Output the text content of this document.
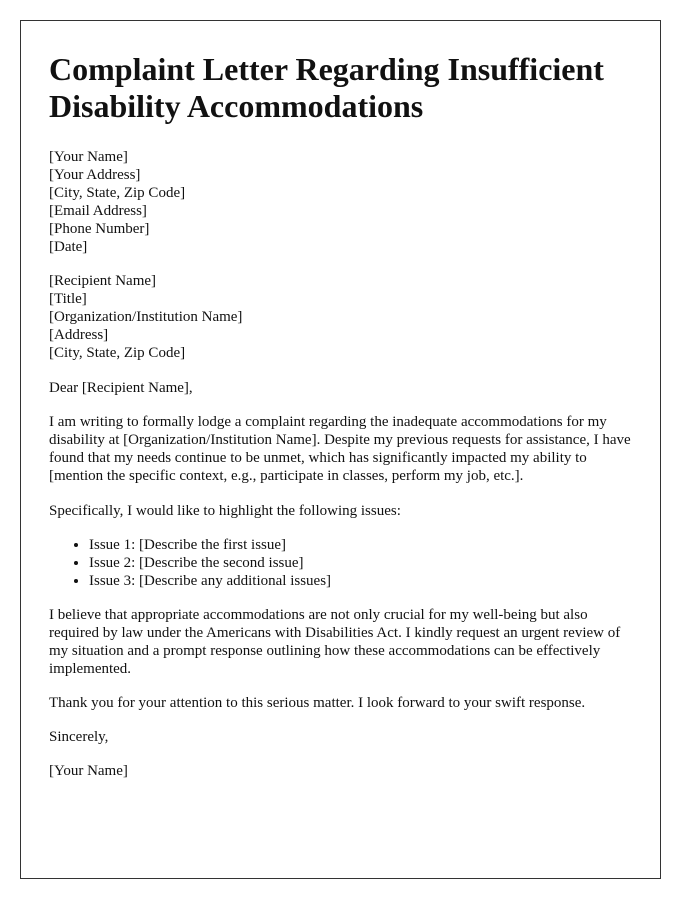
Complaint Letter Regarding Insufficient Disability Accommodations
[Your Name]
[Your Address]
[City, State, Zip Code]
[Email Address]
[Phone Number]
[Date]
[Recipient Name]
[Title]
[Organization/Institution Name]
[Address]
[City, State, Zip Code]

Dear [Recipient Name],

I am writing to formally lodge a complaint regarding the inadequate accommodations for my disability at [Organization/Institution Name]. Despite my previous requests for assistance, I have found that my needs continue to be unmet, which has significantly impacted my ability to [mention the specific context, e.g., participate in classes, perform my job, etc.].

Specifically, I would like to highlight the following issues:

• Issue 1: [Describe the first issue]
• Issue 2: [Describe the second issue]
• Issue 3: [Describe any additional issues]

I believe that appropriate accommodations are not only crucial for my well-being but also required by law under the Americans with Disabilities Act. I kindly request an urgent review of my situation and a prompt response outlining how these accommodations can be effectively implemented.

Thank you for your attention to this serious matter. I look forward to your swift response.

Sincerely,

[Your Name]
